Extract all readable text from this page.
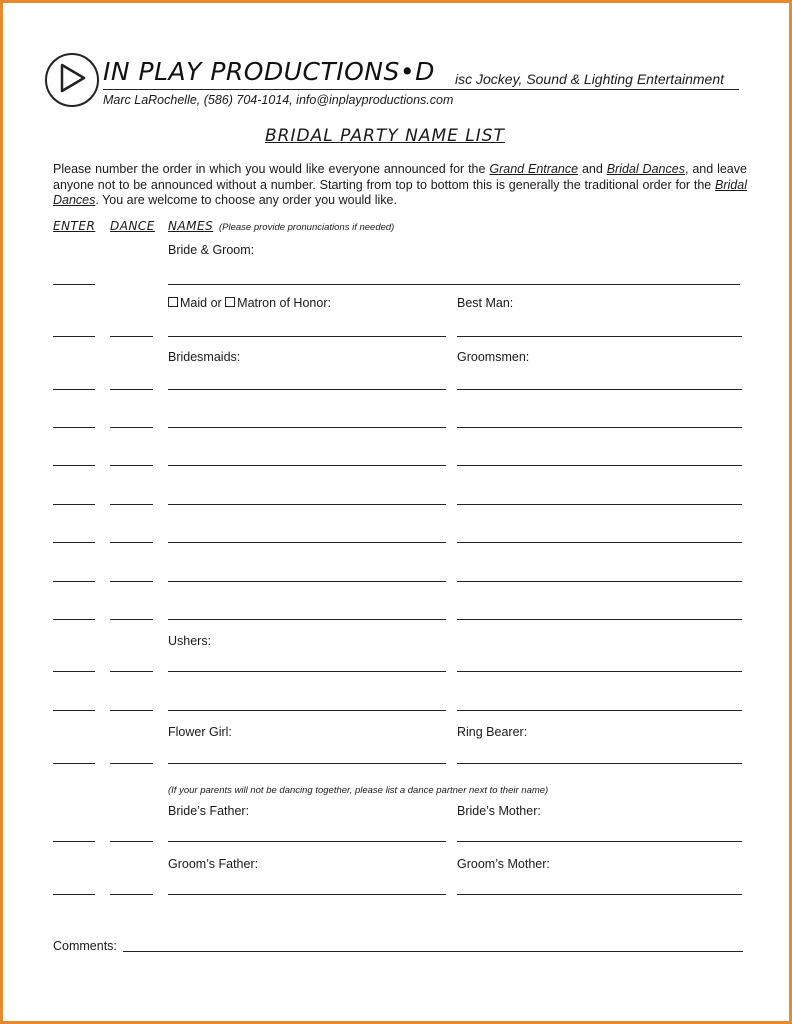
IN PLAY PRODUCTIONS•D isc Jockey, Sound & Lighting Entertainment
Marc LaRochelle, (586) 704-1014, info@inplayproductions.com
BRIDAL PARTY NAME LIST
Please number the order in which you would like everyone announced for the Grand Entrance and Bridal Dances, and leave anyone not to be announced without a number. Starting from top to bottom this is generally the traditional order for the Bridal Dances. You are welcome to choose any order you would like.
ENTER DANCE NAMES (Please provide pronunciations if needed)
Bride & Groom:
Maid or Matron of Honor:	Best Man:
Bridesmaids:	Groomsmen:
Ushers:
Flower Girl:	Ring Bearer:
(If your parents will not be dancing together, please list a dance partner next to their name)
Bride’s Father:	Bride’s Mother:
Groom’s Father:	Groom’s Mother:
Comments:
